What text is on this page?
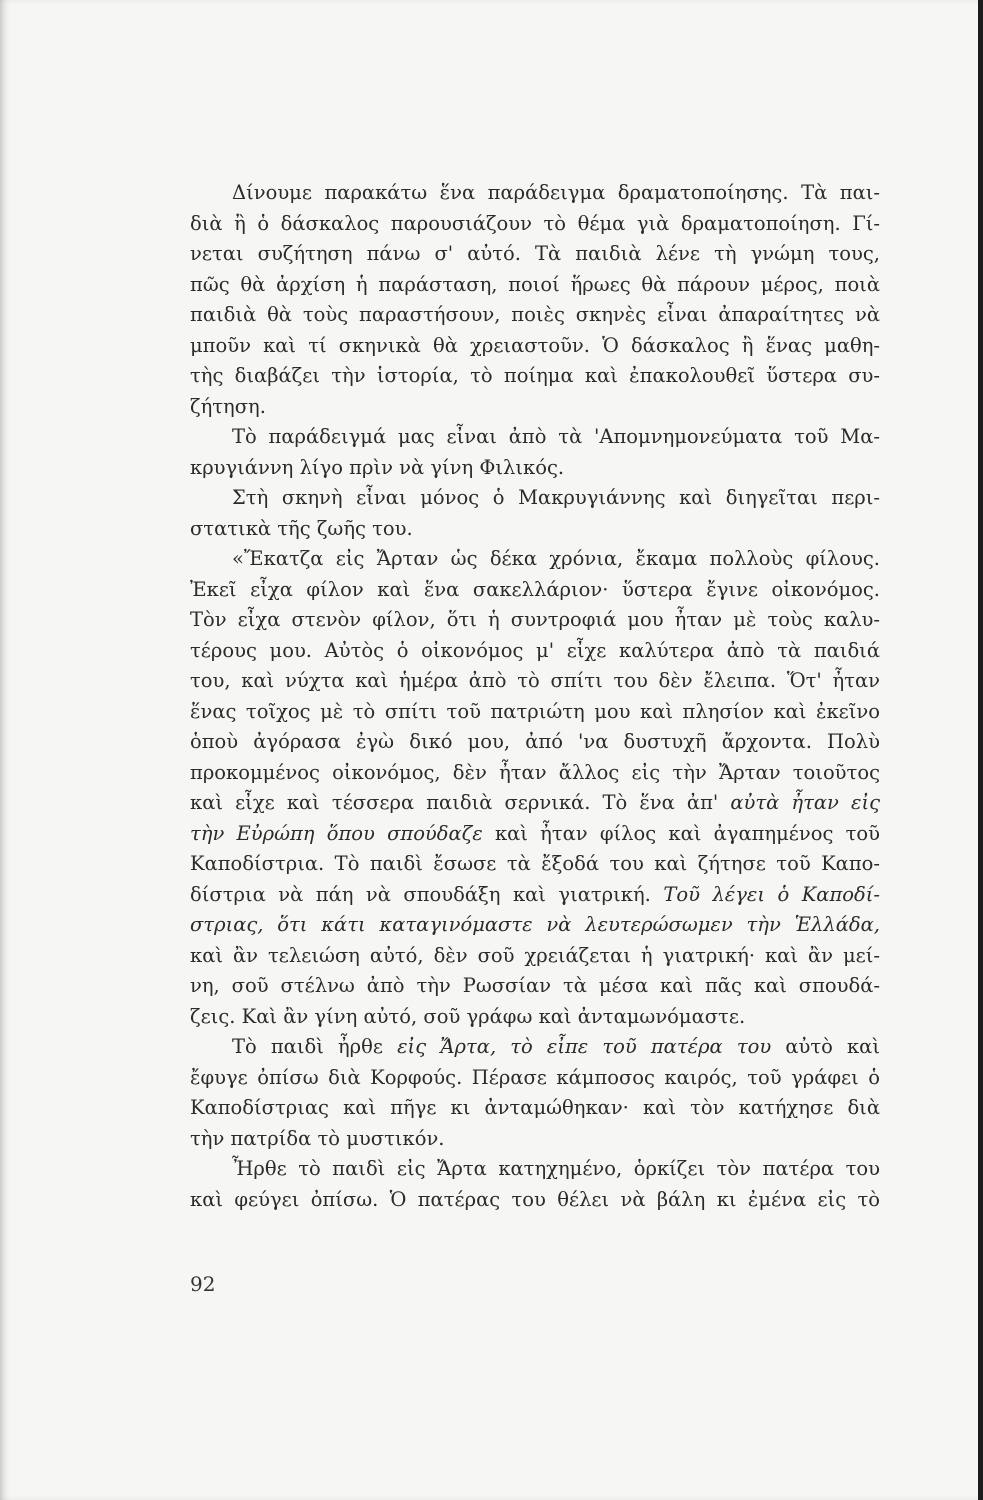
Δίνουμε παρακάτω ἕνα παράδειγμα δραματοποίησης. Τὰ παι-
διὰ ἢ ὁ δάσκαλος παρουσιάζουν τὸ θέμα γιὰ δραματοποίηση. Γί-
νεται συζήτηση πάνω σ' αὐτό. Τὰ παιδιὰ λένε τὴ γνώμη τους,
πῶς θὰ ἀρχίση ἡ παράσταση, ποιοί ἥρωες θὰ πάρουν μέρος, ποιὰ
παιδιὰ θὰ τοὺς παραστήσουν, ποιὲς σκηνὲς εἶναι ἀπαραίτητες νὰ
μποῦν καὶ τί σκηνικὰ θὰ χρειαστοῦν. Ὁ δάσκαλος ἢ ἕνας μαθη-
τὴς διαβάζει τὴν ἱστορία, τὸ ποίημα καὶ ἐπακολουθεῖ ὕστερα συ-
ζήτηση.
Τὸ παράδειγμά μας εἶναι ἀπὸ τὰ 'Απομνημονεύματα τοῦ Μα-
κρυγιάννη λίγο πρὶν νὰ γίνη Φιλικός.
Στὴ σκηνὴ εἶναι μόνος ὁ Μακρυγιάννης καὶ διηγεῖται περι-
στατικὰ τῆς ζωῆς του.
«Ἔκατζα εἰς Ἄρταν ὡς δέκα χρόνια, ἔκαμα πολλοὺς φίλους.
Ἐκεῖ εἶχα φίλον καὶ ἕνα σακελλάριον· ὕστερα ἔγινε οἰκονόμος.
Τὸν εἶχα στενὸν φίλον, ὅτι ἡ συντροφιά μου ἦταν μὲ τοὺς καλυ-
τέρους μου. Αὐτὸς ὁ οἰκονόμος μ' εἶχε καλύτερα ἀπὸ τὰ παιδιά
του, καὶ νύχτα καὶ ἡμέρα ἀπὸ τὸ σπίτι του δὲν ἔλειπα. Ὅτ' ἦταν
ἕνας τοῖχος μὲ τὸ σπίτι τοῦ πατριώτη μου καὶ πλησίον καὶ ἐκεῖνο
ὁποὺ ἀγόρασα ἐγὼ δικό μου, ἀπό 'να δυστυχῆ ἄρχοντα. Πολὺ
προκομμένος οἰκονόμος, δὲν ἦταν ἄλλος εἰς τὴν Ἄρταν τοιοῦτος
καὶ εἶχε καὶ τέσσερα παιδιὰ σερνικά. Τὸ ἕνα ἀπ' αὐτὰ ἦταν εἰς
τὴν Εὐρώπη ὅπου σπούδαζε καὶ ἦταν φίλος καὶ ἀγαπημένος τοῦ
Καποδίστρια. Τὸ παιδὶ ἔσωσε τὰ ἔξοδά του καὶ ζήτησε τοῦ Καπο-
δίστρια νὰ πάη νὰ σπουδάξη καὶ γιατρική. Τοῦ λέγει ὁ Καποδί-
στριας, ὅτι κάτι καταγινόμαστε νὰ λευτερώσωμεν τὴν Ἑλλάδα,
καὶ ἂν τελειώση αὐτό, δὲν σοῦ χρειάζεται ἡ γιατρική· καὶ ἂν μεί-
νη, σοῦ στέλνω ἀπὸ τὴν Ρωσσίαν τὰ μέσα καὶ πᾶς καὶ σπουδά-
ζεις. Καὶ ἂν γίνη αὐτό, σοῦ γράφω καὶ ἀνταμωνόμαστε.
Τὸ παιδὶ ἦρθε εἰς Ἄρτα, τὸ εἶπε τοῦ πατέρα του αὐτὸ καὶ
ἔφυγε ὀπίσω διὰ Κορφούς. Πέρασε κάμποσος καιρός, τοῦ γράφει ὁ
Καποδίστριας καὶ πῆγε κι ἀνταμώθηκαν· καὶ τὸν κατήχησε διὰ
τὴν πατρίδα τὸ μυστικόν.
Ἦρθε τὸ παιδὶ εἰς Ἄρτα κατηχημένο, ὁρκίζει τὸν πατέρα του
καὶ φεύγει ὀπίσω. Ὁ πατέρας του θέλει νὰ βάλη κι ἐμένα εἰς τὸ
92
